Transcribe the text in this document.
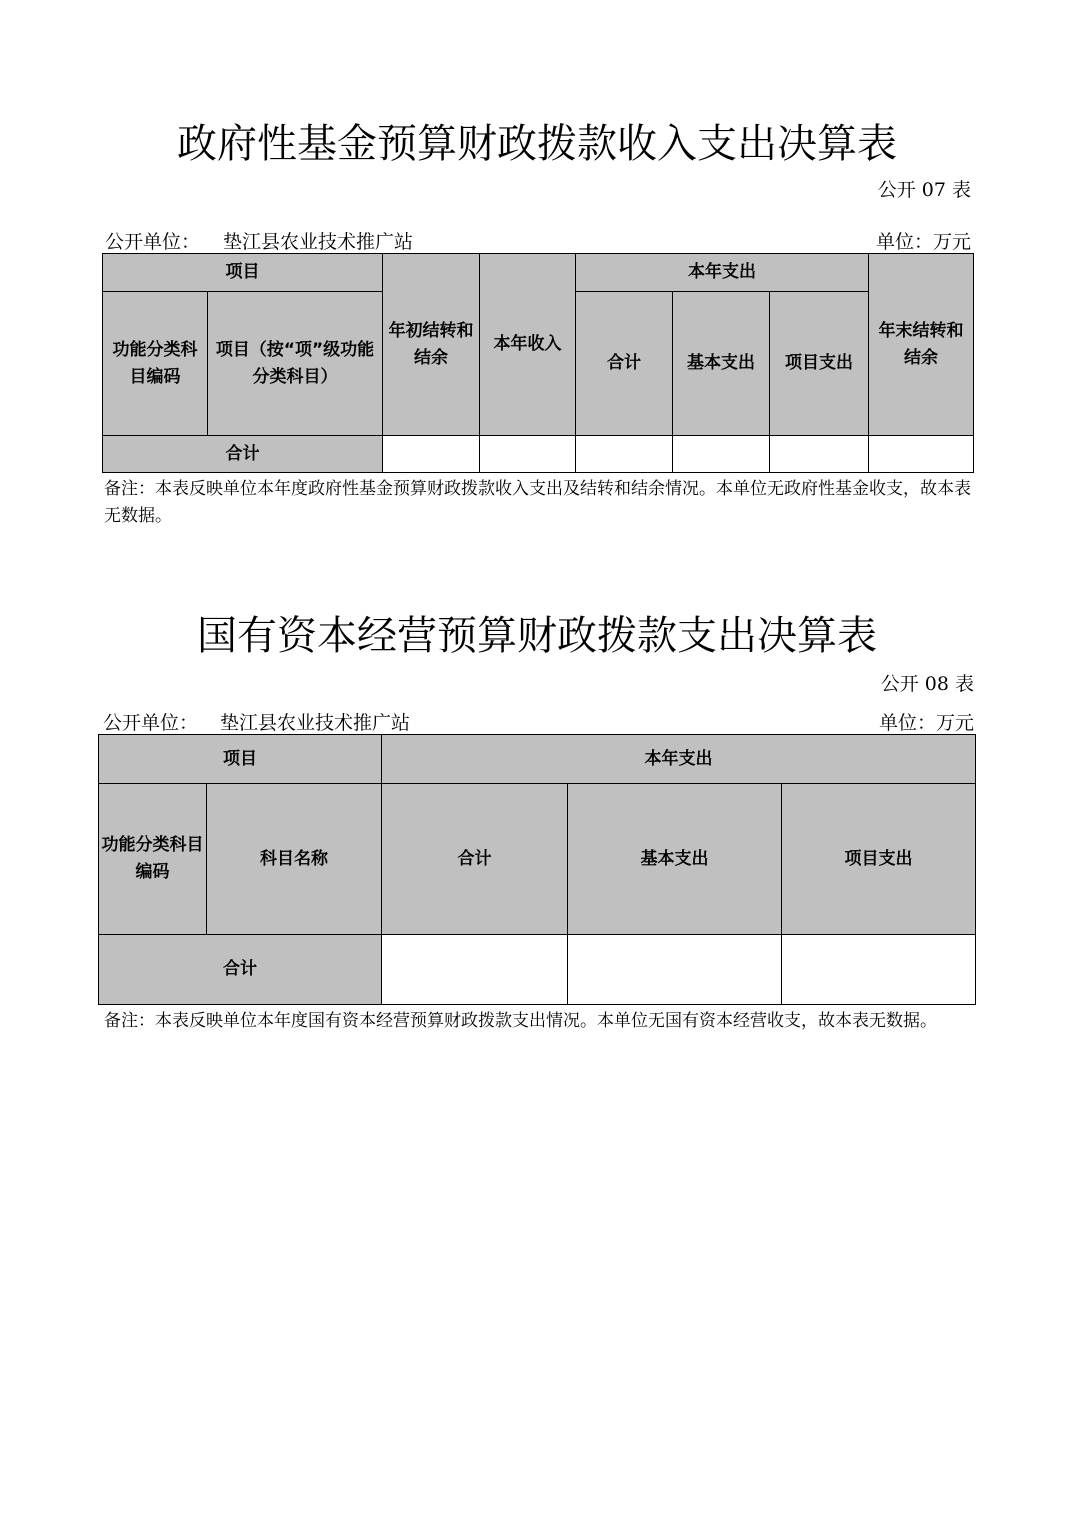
政府性基金预算财政拨款收入支出决算表
公开 07 表
公开单位： 垫江县农业技术推广站	单位：万元
项目		年初结转和结余	本年收入	本年支出			年末结转和结余
功能分类科目编码	项目（按“项”级功能分类科目）			合计	基本支出	项目支出	
合计							
备注：本表反映单位本年度政府性基金预算财政拨款收入支出及结转和结余情况。本单位无政府性基金收支，故本表无数据。
国有资本经营预算财政拨款支出决算表
公开 08 表
公开单位： 垫江县农业技术推广站	单位：万元
项目		本年支出		
功能分类科目编码	科目名称	合计	基本支出	项目支出
合计				
备注：本表反映单位本年度国有资本经营预算财政拨款支出情况。本单位无国有资本经营收支，故本表无数据。
